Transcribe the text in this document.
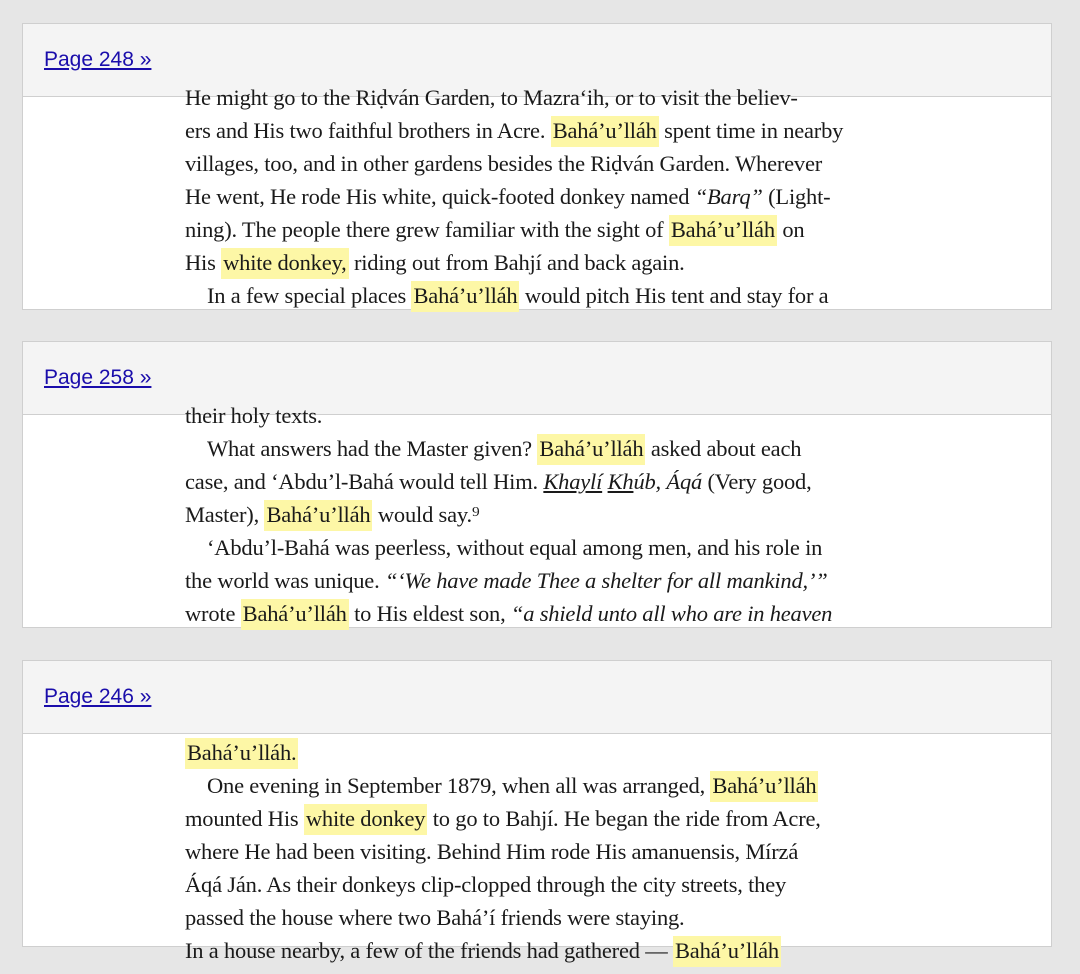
Page 248 »
He might go to the Riḍván Garden, to Mazra‘ih, or to visit the believ-
ers and His two faithful brothers in Acre. Bahá’u’lláh spent time in nearby
villages, too, and in other gardens besides the Riḍván Garden. Wherever
He went, He rode His white, quick-footed donkey named “Barq” (Light-
ning). The people there grew familiar with the sight of Bahá’u’lláh on
His white donkey, riding out from Bahjí and back again.
In a few special places Bahá’u’lláh would pitch His tent and stay for a
Page 258 »
their holy texts.
What answers had the Master given? Bahá’u’lláh asked about each
case, and ‘Abdu’l-Bahá would tell Him. Khaylí Khúb, Áqá (Very good,
Master), Bahá’u’lláh would say.⁹
‘Abdu’l-Bahá was peerless, without equal among men, and his role in
the world was unique. “‘We have made Thee a shelter for all mankind,’”
wrote Bahá’u’lláh to His eldest son, “a shield unto all who are in heaven
Page 246 »
Bahá’u’lláh.
One evening in September 1879, when all was arranged, Bahá’u’lláh
mounted His white donkey to go to Bahjí. He began the ride from Acre,
where He had been visiting. Behind Him rode His amanuensis, Mírzá
Áqá Ján. As their donkeys clip-clopped through the city streets, they
passed the house where two Bahá’í friends were staying.
In a house nearby, a few of the friends had gathered — Bahá’u’lláh
